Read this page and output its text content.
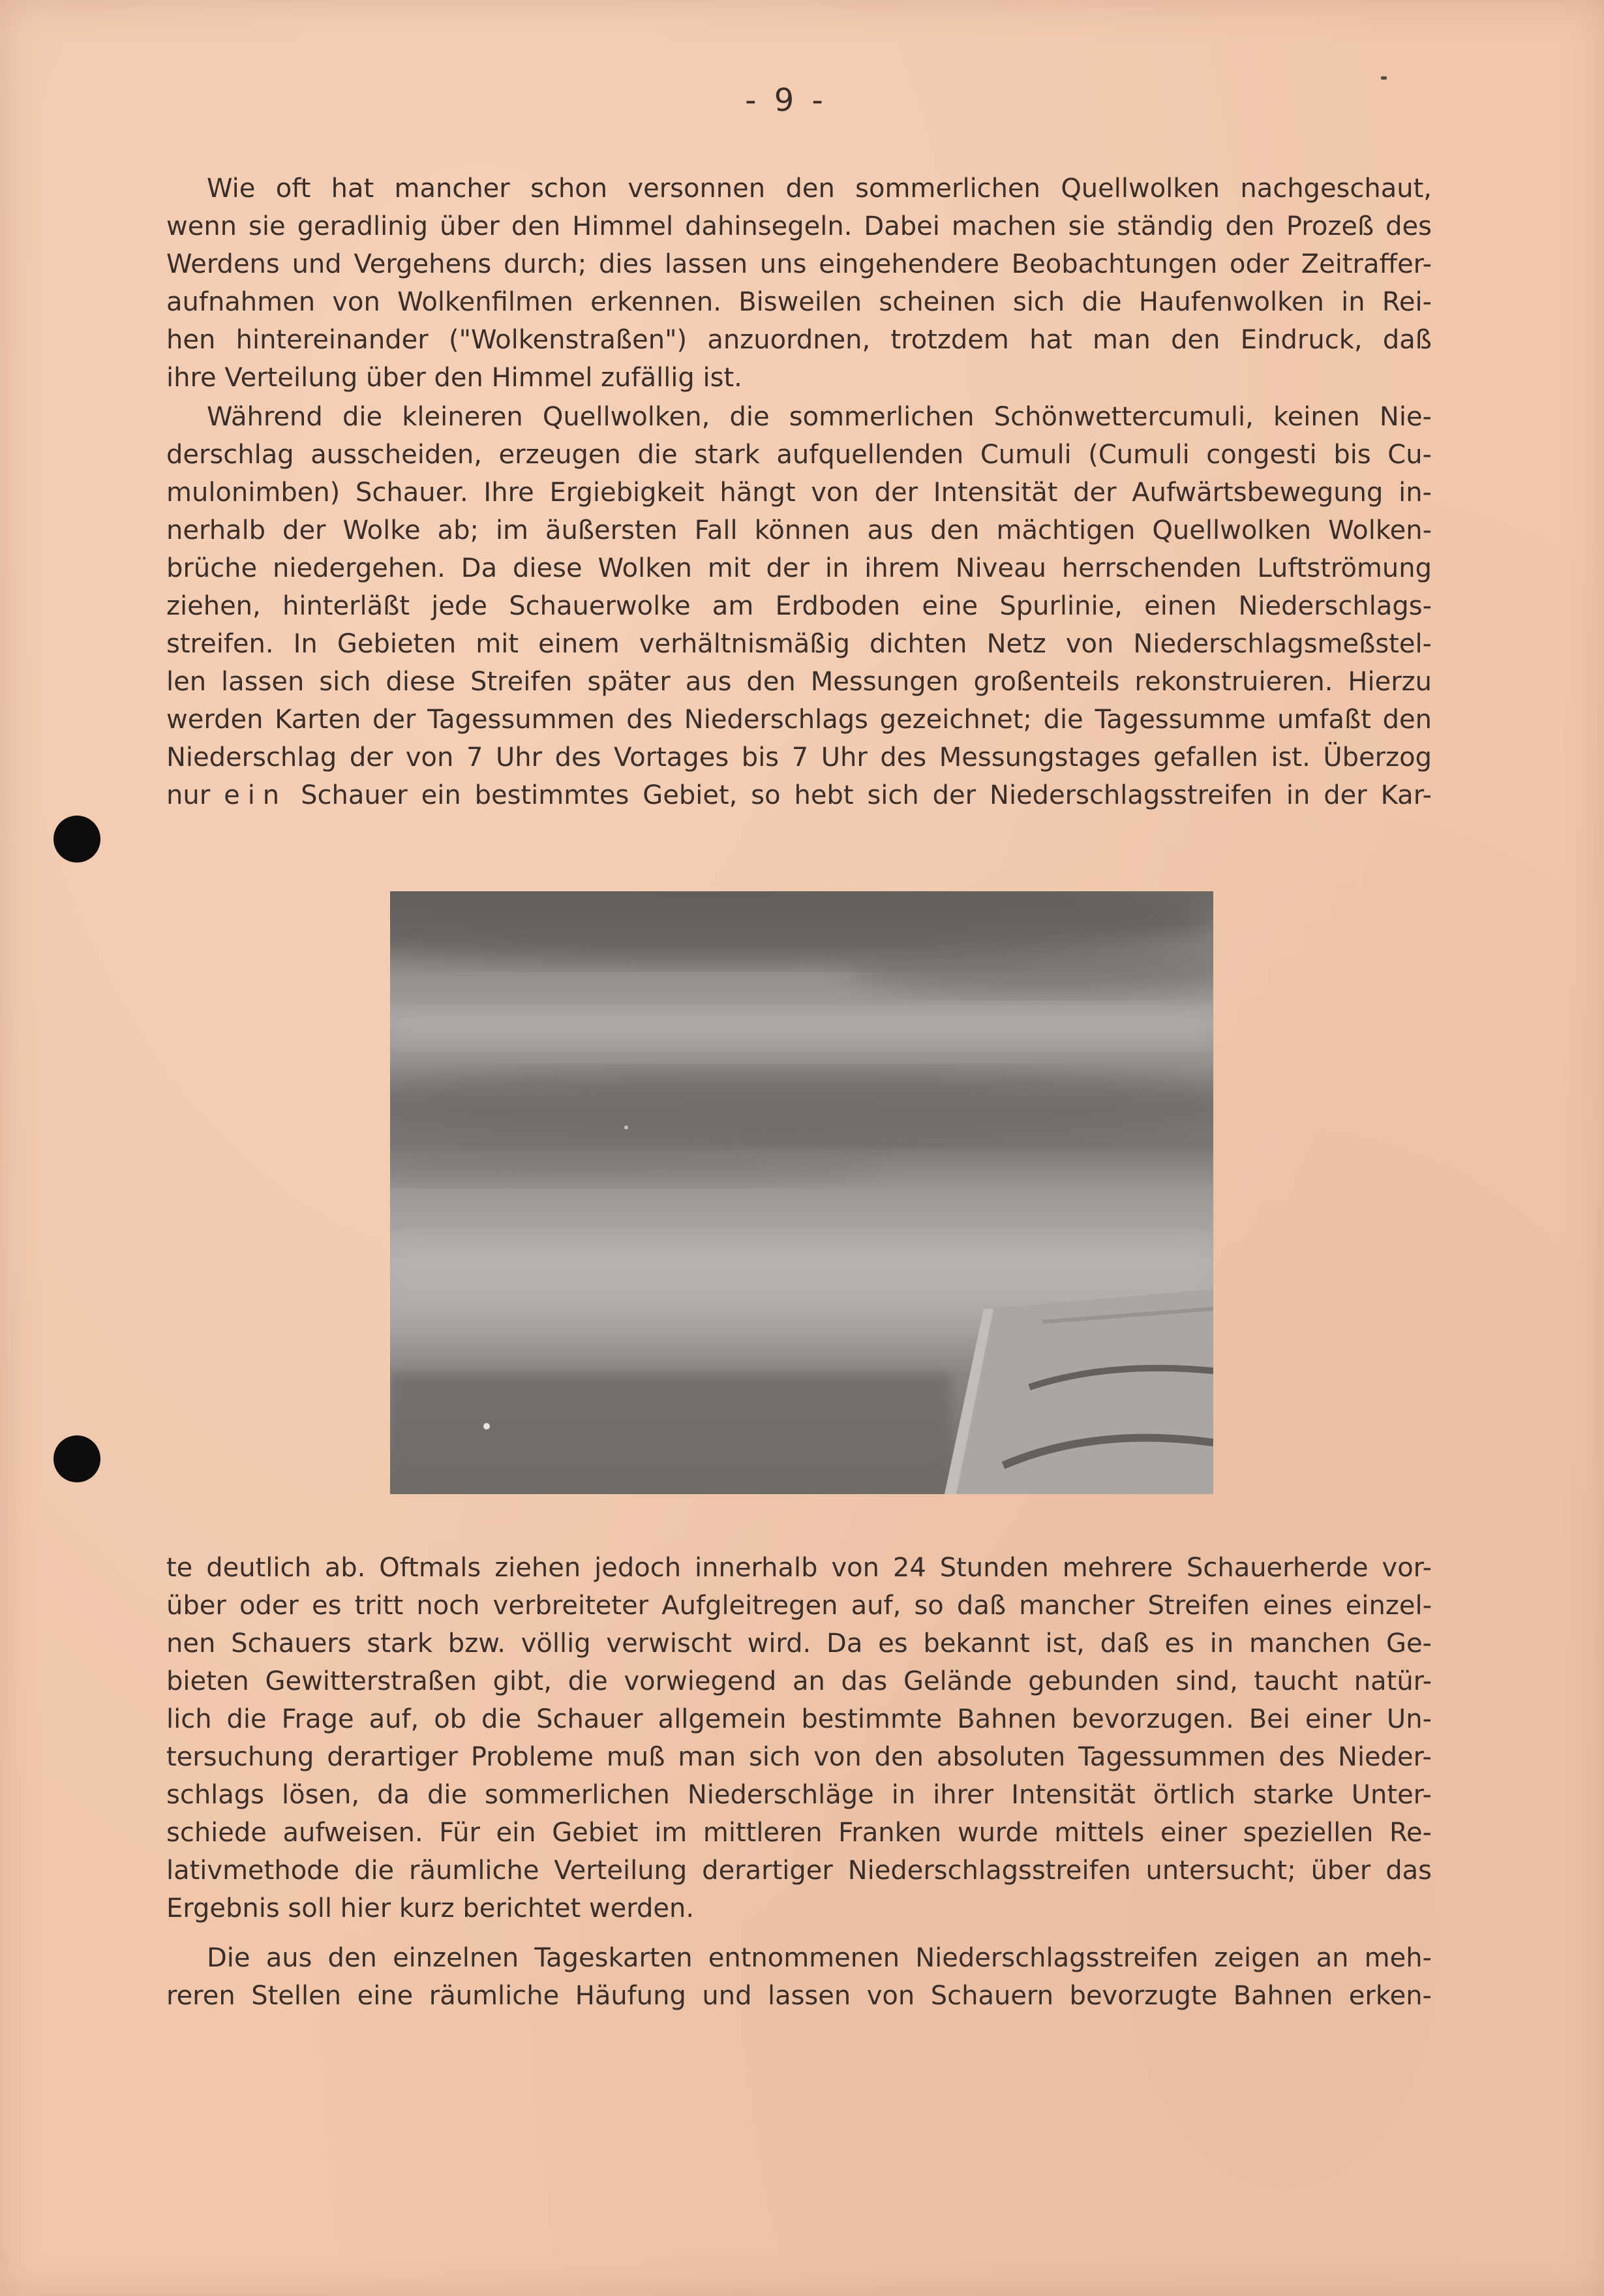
- 9 -
Wie oft hat mancher schon versonnen den sommerlichen Quellwolken nachgeschaut,
wenn sie geradlinig über den Himmel dahinsegeln. Dabei machen sie ständig den Prozeß des
Werdens und Vergehens durch; dies lassen uns eingehendere Beobachtungen oder Zeitraffer-
aufnahmen von Wolkenfilmen erkennen. Bisweilen scheinen sich die Haufenwolken in Rei-
hen hintereinander ("Wolkenstraßen") anzuordnen, trotzdem hat man den Eindruck, daß
ihre Verteilung über den Himmel zufällig ist.
Während die kleineren Quellwolken, die sommerlichen Schönwettercumuli, keinen Nie-
derschlag ausscheiden, erzeugen die stark aufquellenden Cumuli (Cumuli congesti bis Cu-
mulonimben) Schauer. Ihre Ergiebigkeit hängt von der Intensität der Aufwärtsbewegung in-
nerhalb der Wolke ab; im äußersten Fall können aus den mächtigen Quellwolken Wolken-
brüche niedergehen. Da diese Wolken mit der in ihrem Niveau herrschenden Luftströmung
ziehen, hinterläßt jede Schauerwolke am Erdboden eine Spurlinie, einen Niederschlags-
streifen. In Gebieten mit einem verhältnismäßig dichten Netz von Niederschlagsmeßstel-
len lassen sich diese Streifen später aus den Messungen großenteils rekonstruieren. Hierzu
werden Karten der Tagessummen des Niederschlags gezeichnet; die Tagessumme umfaßt den
Niederschlag der von 7 Uhr des Vortages bis 7 Uhr des Messungstages gefallen ist. Überzog
nur ein Schauer ein bestimmtes Gebiet, so hebt sich der Niederschlagsstreifen in der Kar-
te deutlich ab. Oftmals ziehen jedoch innerhalb von 24 Stunden mehrere Schauerherde vor-
über oder es tritt noch verbreiteter Aufgleitregen auf, so daß mancher Streifen eines einzel-
nen Schauers stark bzw. völlig verwischt wird. Da es bekannt ist, daß es in manchen Ge-
bieten Gewitterstraßen gibt, die vorwiegend an das Gelände gebunden sind, taucht natür-
lich die Frage auf, ob die Schauer allgemein bestimmte Bahnen bevorzugen. Bei einer Un-
tersuchung derartiger Probleme muß man sich von den absoluten Tagessummen des Nieder-
schlags lösen, da die sommerlichen Niederschläge in ihrer Intensität örtlich starke Unter-
schiede aufweisen. Für ein Gebiet im mittleren Franken wurde mittels einer speziellen Re-
lativmethode die räumliche Verteilung derartiger Niederschlagsstreifen untersucht; über das
Ergebnis soll hier kurz berichtet werden.
Die aus den einzelnen Tageskarten entnommenen Niederschlagsstreifen zeigen an meh-
reren Stellen eine räumliche Häufung und lassen von Schauern bevorzugte Bahnen erken-
